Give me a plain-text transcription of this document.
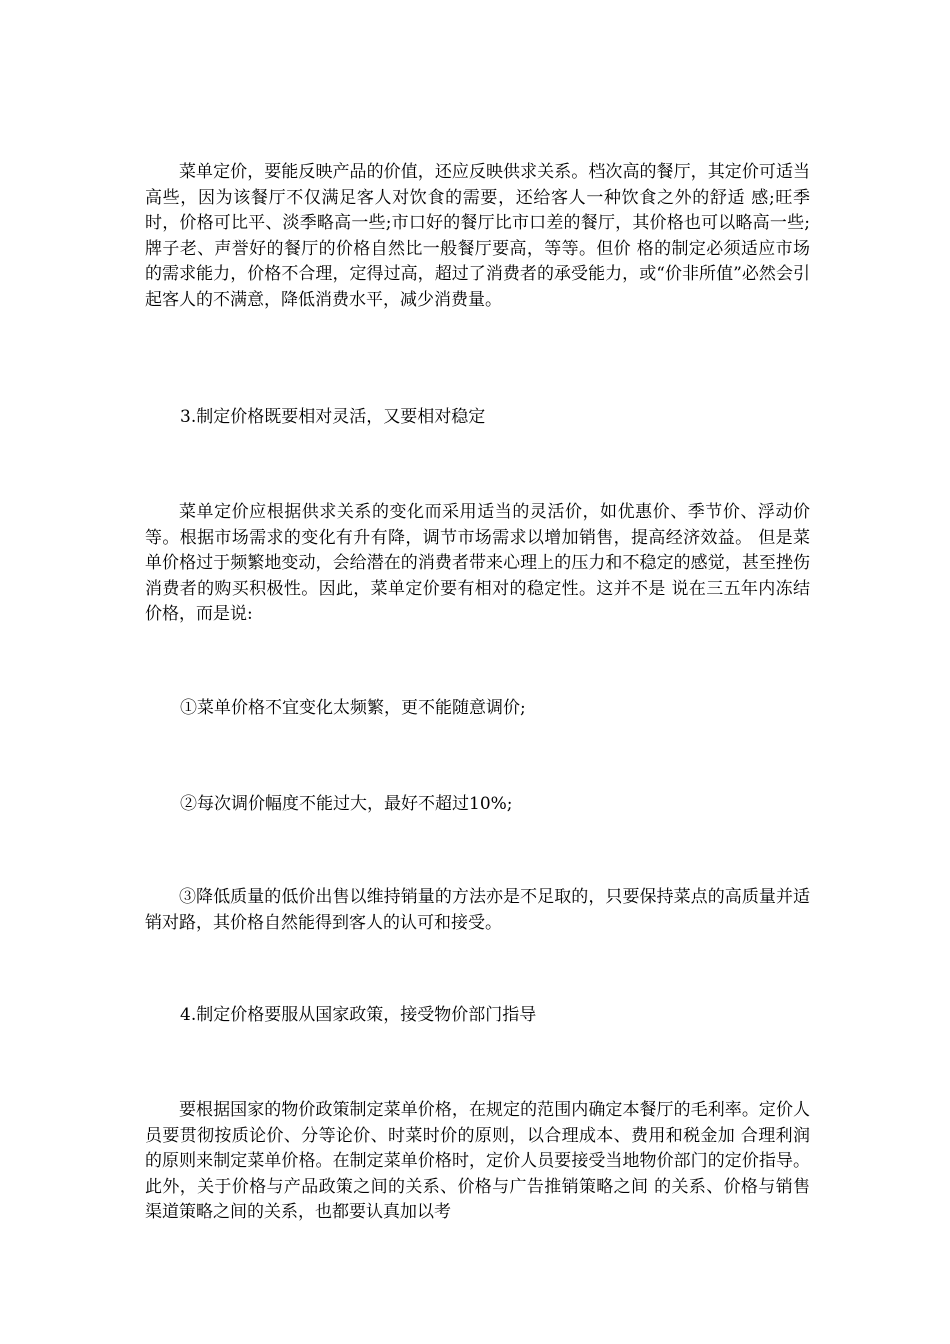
菜单定价，要能反映产品的价值，还应反映供求关系。档次高的餐厅，其定价可适当高些，因为该餐厅不仅满足客人对饮食的需要，还给客人一种饮食之外的舒适 感;旺季时，价格可比平、淡季略高一些;市口好的餐厅比市口差的餐厅，其价格也可以略高一些;牌子老、声誉好的餐厅的价格自然比一般餐厅要高，等等。但价 格的制定必须适应市场的需求能力，价格不合理，定得过高，超过了消费者的承受能力，或“价非所值”必然会引起客人的不满意，降低消费水平，减少消费量。

3.制定价格既要相对灵活，又要相对稳定

菜单定价应根据供求关系的变化而采用适当的灵活价，如优惠价、季节价、浮动价等。根据市场需求的变化有升有降，调节市场需求以增加销售，提高经济效益。 但是菜单价格过于频繁地变动，会给潜在的消费者带来心理上的压力和不稳定的感觉，甚至挫伤消费者的购买积极性。因此，菜单定价要有相对的稳定性。这并不是 说在三五年内冻结价格，而是说:

①菜单价格不宜变化太频繁，更不能随意调价;

②每次调价幅度不能过大，最好不超过10%;

③降低质量的低价出售以维持销量的方法亦是不足取的，只要保持菜点的高质量并适销对路，其价格自然能得到客人的认可和接受。

4.制定价格要服从国家政策，接受物价部门指导

要根据国家的物价政策制定菜单价格，在规定的范围内确定本餐厅的毛利率。定价人员要贯彻按质论价、分等论价、时菜时价的原则，以合理成本、费用和税金加 合理利润的原则来制定菜单价格。在制定菜单价格时，定价人员要接受当地物价部门的定价指导。此外，关于价格与产品政策之间的关系、价格与广告推销策略之间 的关系、价格与销售渠道策略之间的关系，也都要认真加以考
